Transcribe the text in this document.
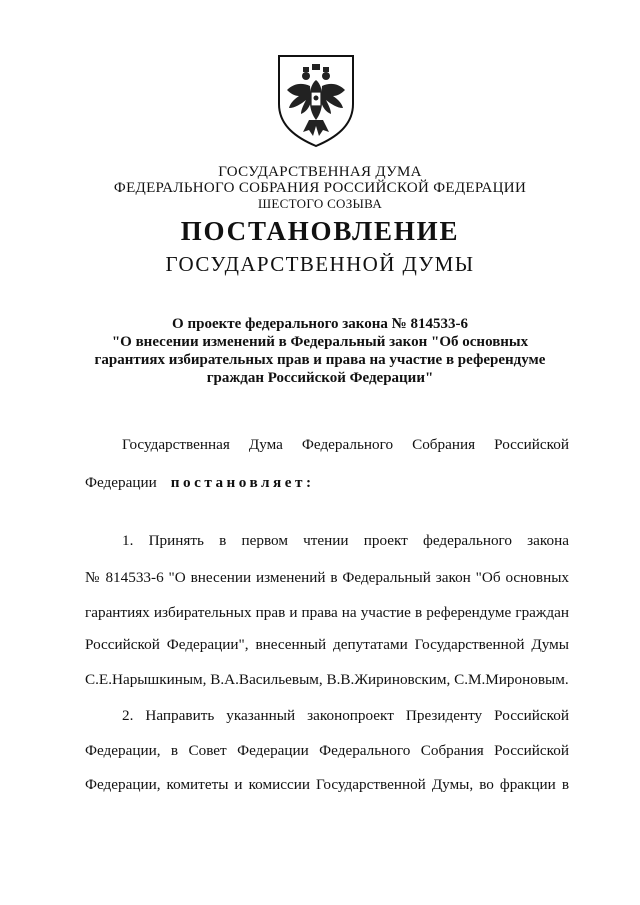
ГОСУДАРСТВЕННАЯ ДУМА
ФЕДЕРАЛЬНОГО СОБРАНИЯ РОССИЙСКОЙ ФЕДЕРАЦИИ
ШЕСТОГО СОЗЫВА
ПОСТАНОВЛЕНИЕ
ГОСУДАРСТВЕННОЙ ДУМЫ
О проекте федерального закона № 814533-6
"О внесении изменений в Федеральный закон "Об основных
гарантиях избирательных прав и права на участие в референдуме
граждан Российской Федерации"
Государственная Дума Федерального Собрания Российской
Федерации постановляет:
1. Принять в первом чтении проект федерального закона
№ 814533-6 "О внесении изменений в Федеральный закон "Об основных
гарантиях избирательных прав и права на участие в референдуме граждан
Российской Федерации", внесенный депутатами Государственной Думы
С.Е.Нарышкиным, В.А.Васильевым, В.В.Жириновским, С.М.Мироновым.
2. Направить указанный законопроект Президенту Российской
Федерации, в Совет Федерации Федерального Собрания Российской
Федерации, комитеты и комиссии Государственной Думы, во фракции в
